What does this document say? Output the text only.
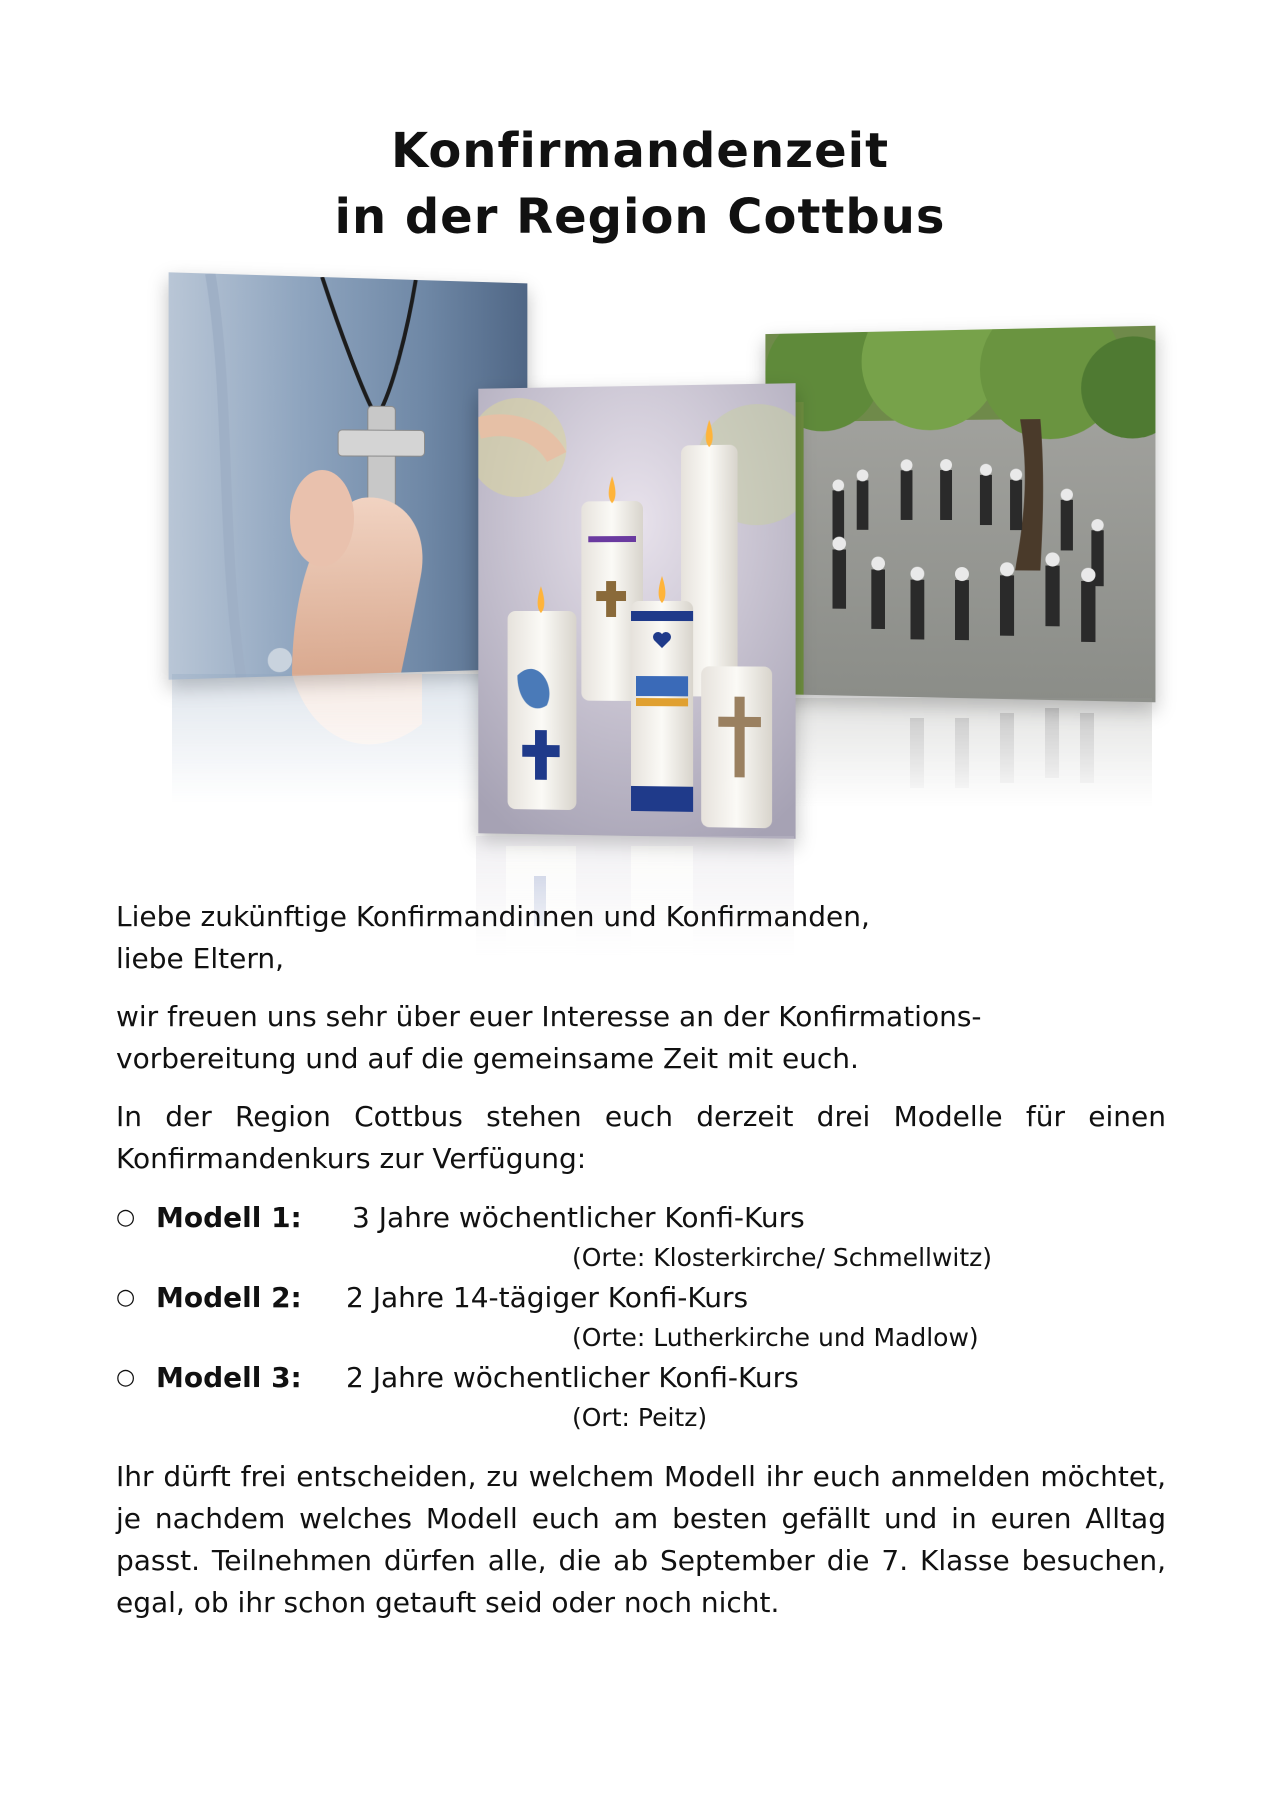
Konfirmandenzeit
in der Region Cottbus

Liebe zukünftige Konfirmandinnen und Konfirmanden,

liebe Eltern,

wir freuen uns sehr über euer Interesse an der Konfirmations-vorbereitung und auf die gemeinsame Zeit mit euch.

In der Region Cottbus stehen euch derzeit drei Modelle für einen Konfirmandenkurs zur Verfügung:

○ Modell 1: 3 Jahre wöchentlicher Konfi-Kurs
(Orte: Klosterkirche/ Schmellwitz)
○ Modell 2: 2 Jahre 14-tägiger Konfi-Kurs
(Orte: Lutherkirche und Madlow)
○ Modell 3: 2 Jahre wöchentlicher Konfi-Kurs
(Ort: Peitz)

Ihr dürft frei entscheiden, zu welchem Modell ihr euch anmelden möchtet, je nachdem welches Modell euch am besten gefällt und in euren Alltag passt. Teilnehmen dürfen alle, die ab September die 7. Klasse besuchen, egal, ob ihr schon getauft seid oder noch nicht.
